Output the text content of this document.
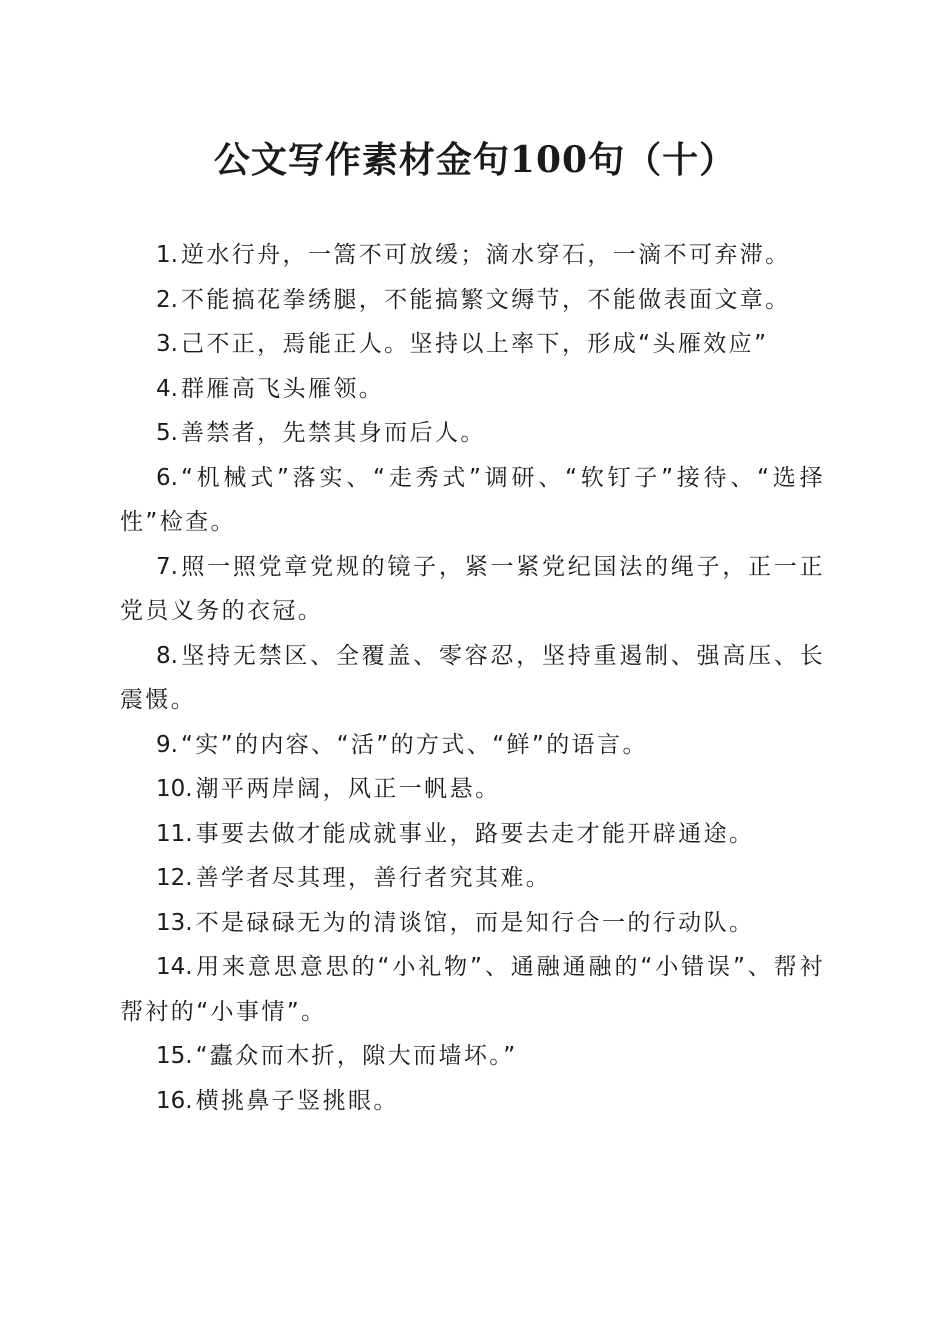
公文写作素材金句100句（十）
1. 逆水行舟，一篙不可放缓；滴水穿石，一滴不可弃滞。
2. 不能搞花拳绣腿，不能搞繁文缛节，不能做表面文章。
3. 己不正，焉能正人。坚持以上率下，形成“头雁效应”
4. 群雁高飞头雁领。
5. 善禁者，先禁其身而后人。
6. “机械式”落实、“走秀式”调研、“软钉子”接待、“选择性”检查。
7. 照一照党章党规的镜子，紧一紧党纪国法的绳子，正一正党员义务的衣冠。
8. 坚持无禁区、全覆盖、零容忍，坚持重遏制、强高压、长震慑。
9. “实”的内容、“活”的方式、“鲜”的语言。
10. 潮平两岸阔，风正一帆悬。
11. 事要去做才能成就事业，路要去走才能开辟通途。
12. 善学者尽其理，善行者究其难。
13. 不是碌碌无为的清谈馆，而是知行合一的行动队。
14. 用来意思意思的“小礼物”、通融通融的“小错误”、帮衬帮衬的“小事情”。
15. “蠹众而木折，隙大而墙坏。”
16. 横挑鼻子竖挑眼。
